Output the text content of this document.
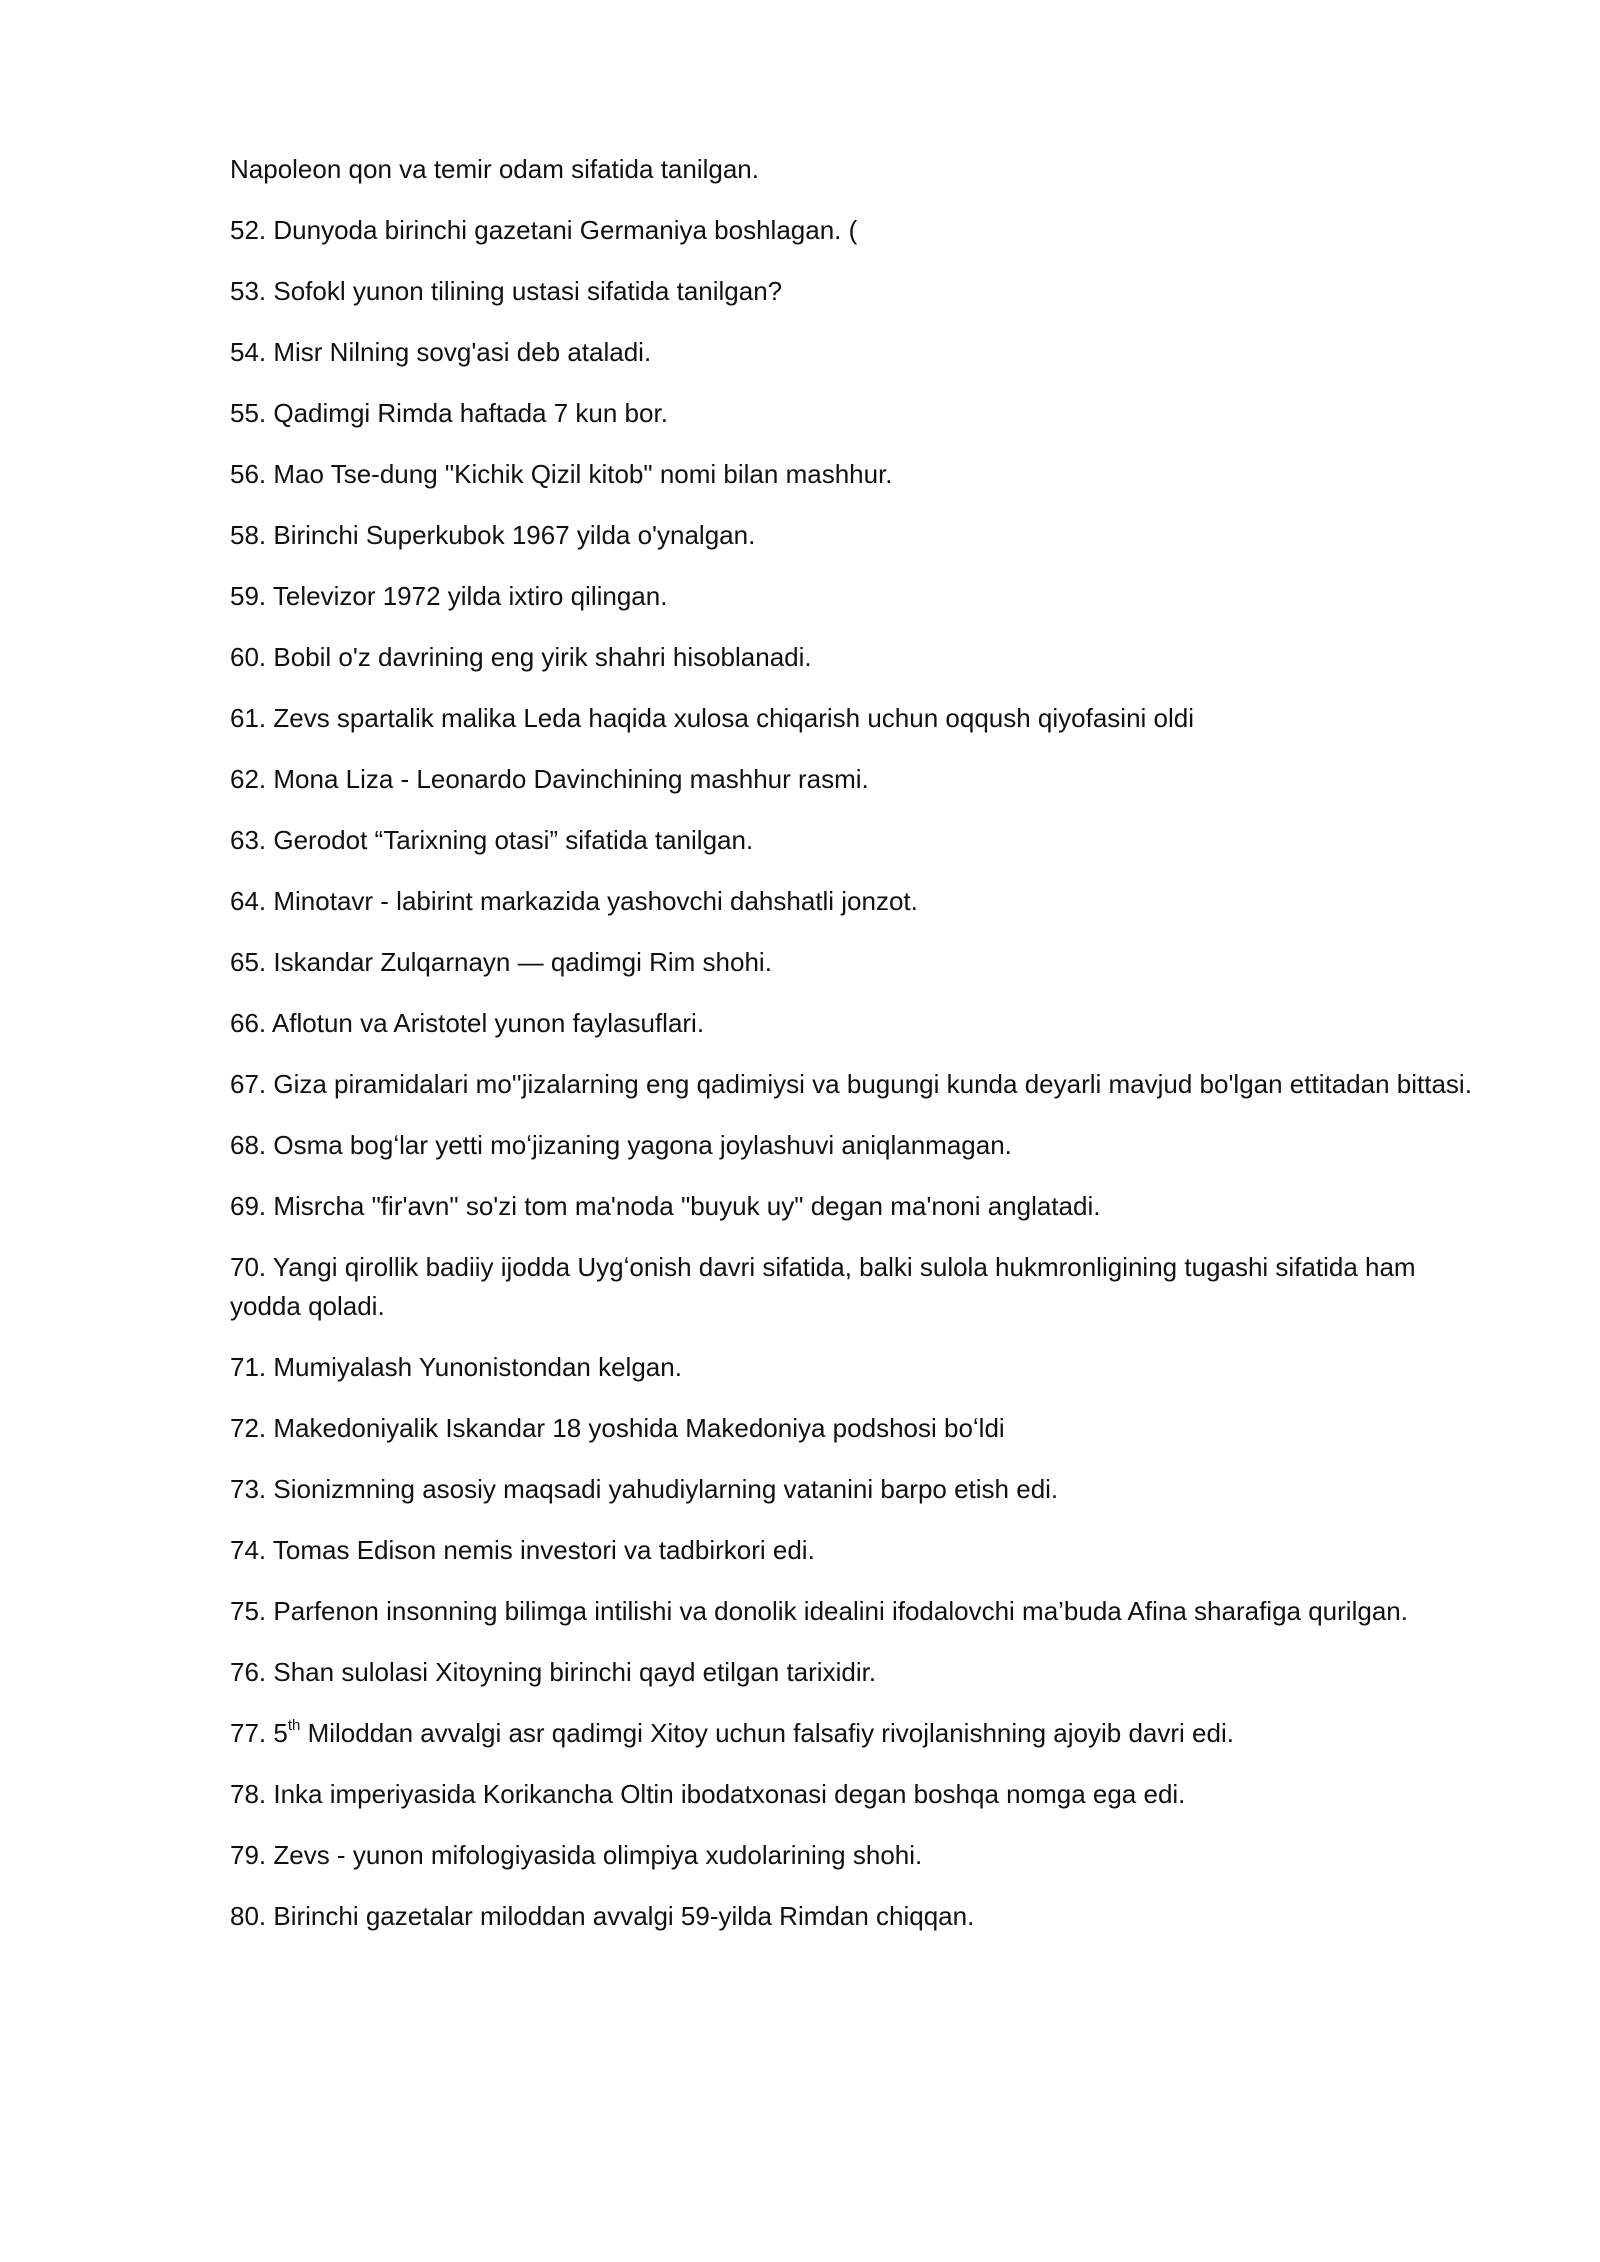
Napoleon qon va temir odam sifatida tanilgan.

52. Dunyoda birinchi gazetani Germaniya boshlagan. (

53. Sofokl yunon tilining ustasi sifatida tanilgan?

54. Misr Nilning sovg'asi deb ataladi.

55. Qadimgi Rimda haftada 7 kun bor.

56. Mao Tse-dung "Kichik Qizil kitob" nomi bilan mashhur.

58. Birinchi Superkubok 1967 yilda o'ynalgan.

59. Televizor 1972 yilda ixtiro qilingan.

60. Bobil o'z davrining eng yirik shahri hisoblanadi.

61. Zevs spartalik malika Leda haqida xulosa chiqarish uchun oqqush qiyofasini oldi

62. Mona Liza - Leonardo Davinchining mashhur rasmi.

63. Gerodot “Tarixning otasi” sifatida tanilgan.

64. Minotavr - labirint markazida yashovchi dahshatli jonzot.

65. Iskandar Zulqarnayn — qadimgi Rim shohi.

66. Aflotun va Aristotel yunon faylasuflari.

67. Giza piramidalari mo''jizalarning eng qadimiysi va bugungi kunda deyarli mavjud bo'lgan ettitadan bittasi.

68. Osma bogʻlar yetti moʻjizaning yagona joylashuvi aniqlanmagan.

69. Misrcha "fir'avn" so'zi tom ma'noda "buyuk uy" degan ma'noni anglatadi.

70. Yangi qirollik badiiy ijodda Uygʻonish davri sifatida, balki sulola hukmronligining tugashi sifatida ham yodda qoladi.

71. Mumiyalash Yunonistondan kelgan.

72. Makedoniyalik Iskandar 18 yoshida Makedoniya podshosi boʻldi

73. Sionizmning asosiy maqsadi yahudiylarning vatanini barpo etish edi.

74. Tomas Edison nemis investori va tadbirkori edi.

75. Parfenon insonning bilimga intilishi va donolik idealini ifodalovchi ma’buda Afina sharafiga qurilgan.

76. Shan sulolasi Xitoyning birinchi qayd etilgan tarixidir.

77. 5th Miloddan avvalgi asr qadimgi Xitoy uchun falsafiy rivojlanishning ajoyib davri edi.

78. Inka imperiyasida Korikancha Oltin ibodatxonasi degan boshqa nomga ega edi.

79. Zevs - yunon mifologiyasida olimpiya xudolarining shohi.

80. Birinchi gazetalar miloddan avvalgi 59-yilda Rimdan chiqqan.
